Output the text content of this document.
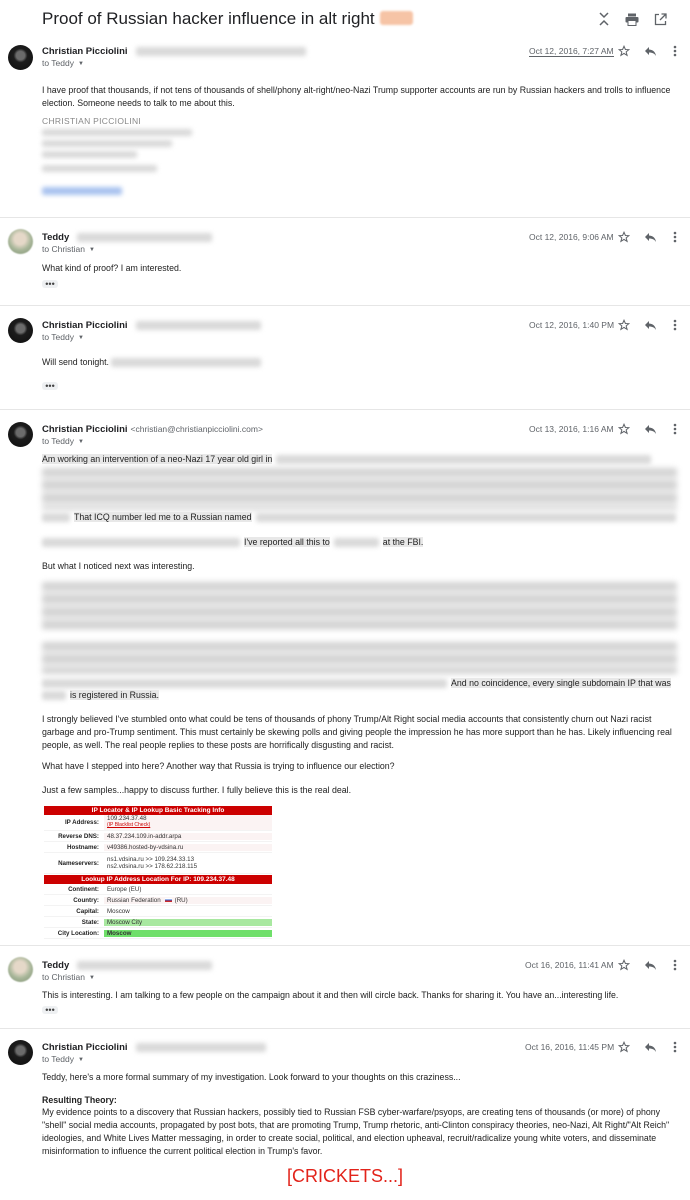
Proof of Russian hacker influence in alt right
Christian Picciolini
to Teddy ▼
Oct 12, 2016, 7:27 AM
I have proof that thousands, if not tens of thousands of shell/phony alt-right/neo-Nazi Trump supporter accounts are run by Russian hackers and trolls to influence election. Someone needs to talk to me about this.
CHRISTIAN PICCIOLINI
Teddy
to Christian ▼
Oct 12, 2016, 9:06 AM
What kind of proof? I am interested.
•••
Christian Picciolini
to Teddy ▼
Oct 12, 2016, 1:40 PM
Will send tonight.
•••
Christian Picciolini <christian@christianpicciolini.com>
to Teddy ▼
Oct 13, 2016, 1:16 AM
Am working an intervention of a neo-Nazi 17 year old girl in
That ICQ number led me to a Russian named
I've reported all this to	at the FBI.
But what I noticed next was interesting.
And no coincidence, every single subdomain IP that was
is registered in Russia.
I strongly believed I've stumbled onto what could be tens of thousands of phony Trump/Alt Right social media accounts that consistently churn out Nazi racist garbage and pro-Trump sentiment. This must certainly be skewing polls and giving people the impression he has more support than he has. Likely influencing real people, as well. The real people replies to these posts are horrifically disgusting and racist.
What have I stepped into here? Another way that Russia is trying to influence our election?
Just a few samples...happy to discuss further. I fully believe this is the real deal.
IP Locator & IP Lookup Basic Tracking Info
IP Address:
109.234.37.48
(IP Blacklist Check)
Reverse DNS:	48.37.234.109.in-addr.arpa
Hostname:	v49386.hosted-by-vdsina.ru
Nameservers:	ns1.vdsina.ru >> 109.234.33.13
ns2.vdsina.ru >> 178.62.218.115
Lookup IP Address Location For IP: 109.234.37.48
Continent:	Europe (EU)
Country:	Russian Federation (RU)
Capital:	Moscow
State:	Moscow City
City Location:	Moscow
Teddy
to Christian ▼
Oct 16, 2016, 11:41 AM
This is interesting. I am talking to a few people on the campaign about it and then will circle back. Thanks for sharing it. You have an...interesting life.
•••
Christian Picciolini
to Teddy ▼
Oct 16, 2016, 11:45 PM
Teddy, here's a more formal summary of my investigation. Look forward to your thoughts on this craziness...
Resulting Theory:
My evidence points to a discovery that Russian hackers, possibly tied to Russian FSB cyber-warfare/psyops, are creating tens of thousands (or more) of phony "shell" social media accounts, propagated by post bots, that are promoting Trump, Trump rhetoric, anti-Clinton conspiracy theories, neo-Nazi, Alt Right/"Alt Reich" ideologies, and White Lives Matter messaging, in order to create social, political, and election upheaval, recruit/radicalize young white voters, and disseminate misinformation to influence the current political election in Trump's favor.
[CRICKETS...]
